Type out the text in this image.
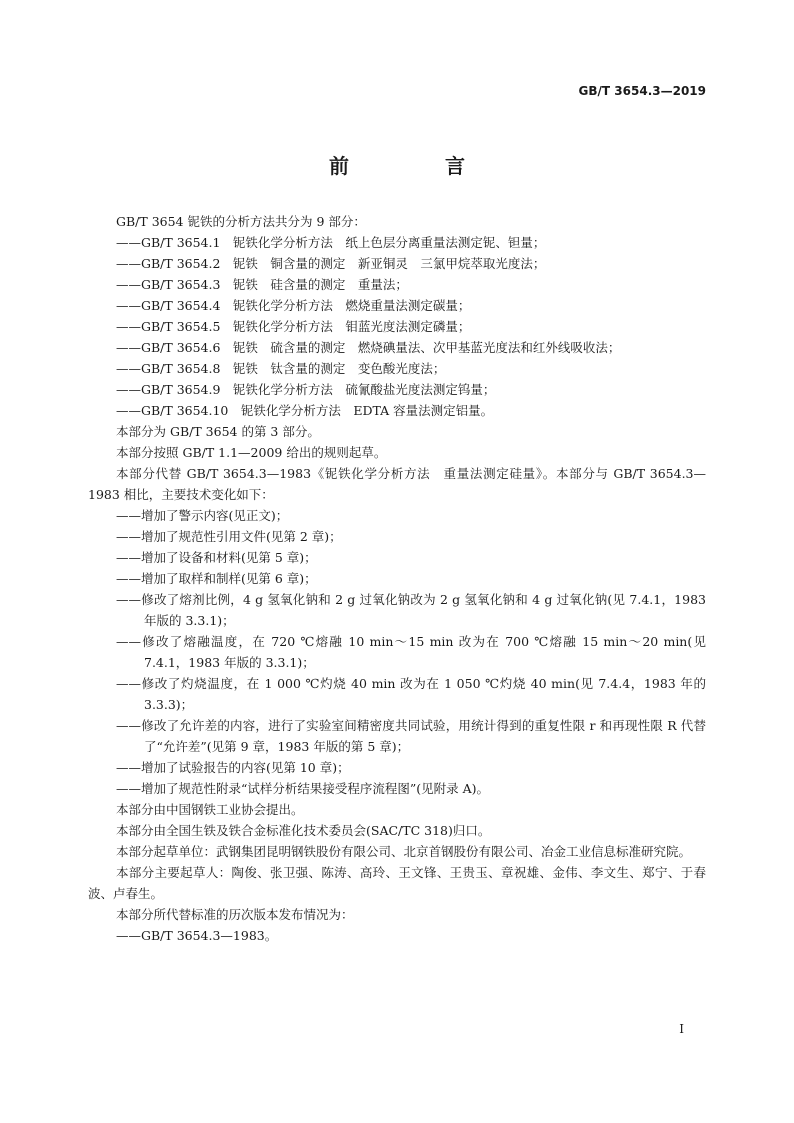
GB/T 3654.3—2019
前　言

GB/T 3654 铌铁的分析方法共分为 9 部分：

——GB/T 3654.1　铌铁化学分析方法　纸上色层分离重量法测定铌、钽量；

——GB/T 3654.2　铌铁　铜含量的测定　新亚铜灵　三氯甲烷萃取光度法；

——GB/T 3654.3　铌铁　硅含量的测定　重量法；

——GB/T 3654.4　铌铁化学分析方法　燃烧重量法测定碳量；

——GB/T 3654.5　铌铁化学分析方法　钼蓝光度法测定磷量；

——GB/T 3654.6　铌铁　硫含量的测定　燃烧碘量法、次甲基蓝光度法和红外线吸收法；

——GB/T 3654.8　铌铁　钛含量的测定　变色酸光度法；

——GB/T 3654.9　铌铁化学分析方法　硫氰酸盐光度法测定钨量；

——GB/T 3654.10　铌铁化学分析方法　EDTA 容量法测定铝量。

本部分为 GB/T 3654 的第 3 部分。

本部分按照 GB/T 1.1—2009 给出的规则起草。

本部分代替 GB/T 3654.3—1983《铌铁化学分析方法　重量法测定硅量》。本部分与 GB/T 3654.3—1983 相比，主要技术变化如下：

——增加了警示内容(见正文)；

——增加了规范性引用文件(见第 2 章)；

——增加了设备和材料(见第 5 章)；

——增加了取样和制样(见第 6 章)；

——修改了熔剂比例，4 g 氢氧化钠和 2 g 过氧化钠改为 2 g 氢氧化钠和 4 g 过氧化钠(见 7.4.1，1983 年版的 3.3.1)；

——修改了熔融温度，在 720 ℃熔融 10 min～15 min 改为在 700 ℃熔融 15 min～20 min(见7.4.1，1983 年版的 3.3.1)；

——修改了灼烧温度，在 1 000 ℃灼烧 40 min 改为在 1 050 ℃灼烧 40 min(见 7.4.4，1983 年的 3.3.3)；

——修改了允许差的内容，进行了实验室间精密度共同试验，用统计得到的重复性限 r 和再现性限 R 代替了“允许差”(见第 9 章，1983 年版的第 5 章)；

——增加了试验报告的内容(见第 10 章)；

——增加了规范性附录“试样分析结果接受程序流程图”(见附录 A)。

本部分由中国钢铁工业协会提出。

本部分由全国生铁及铁合金标准化技术委员会(SAC/TC 318)归口。

本部分起草单位：武钢集团昆明钢铁股份有限公司、北京首钢股份有限公司、冶金工业信息标准研究院。

本部分主要起草人：陶俊、张卫强、陈涛、高玲、王文锋、王贵玉、章祝雄、金伟、李文生、郑宁、于春波、卢春生。

本部分所代替标准的历次版本发布情况为：

——GB/T 3654.3—1983。

I
